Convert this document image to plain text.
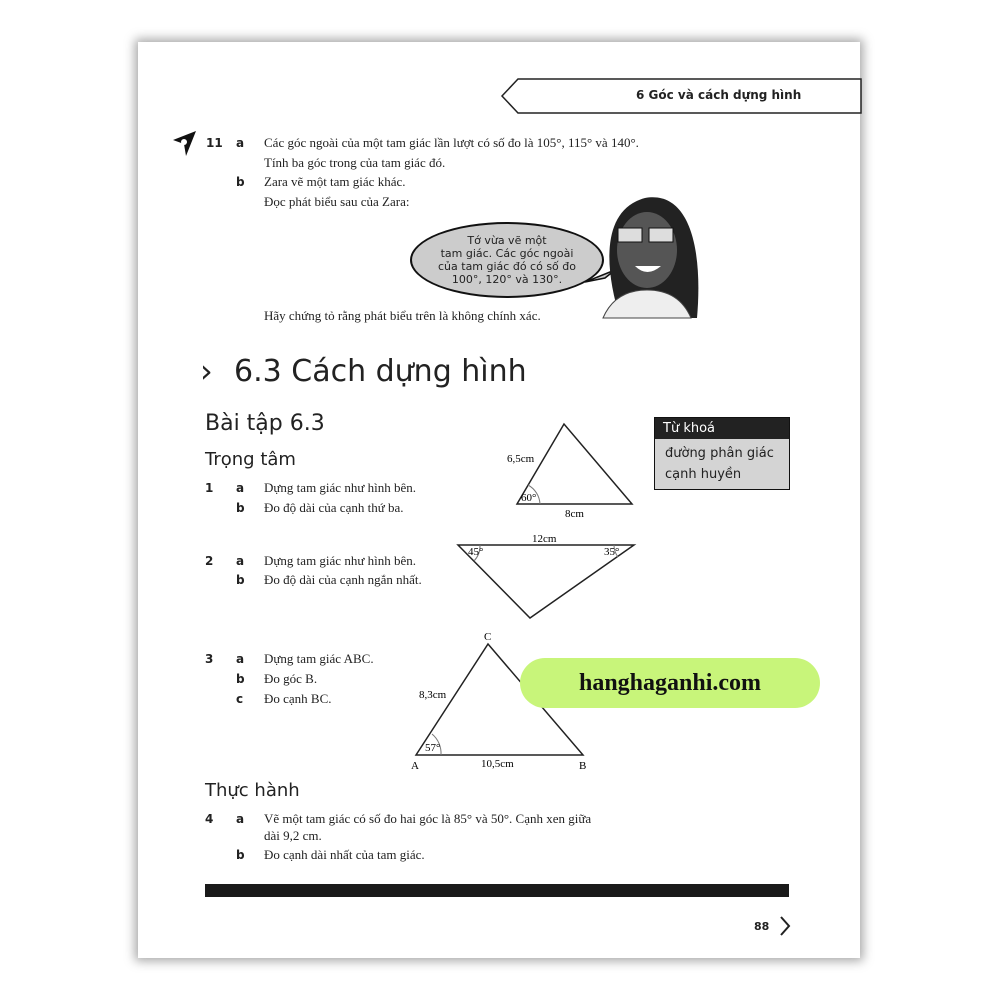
6 Góc và cách dựng hình
11 a Các góc ngoài của một tam giác lần lượt có số đo là 105°, 115° và 140°.
Tính ba góc trong của tam giác đó.
b Zara vẽ một tam giác khác.
Đọc phát biểu sau của Zara:
Tớ vừa vẽ một
tam giác. Các góc ngoài
của tam giác đó có số đo
100°, 120° và 130°.
Hãy chứng tỏ rằng phát biểu trên là không chính xác.
› 6.3 Cách dựng hình
Bài tập 6.3
Trọng tâm
Từ khoá
đường phân giác
cạnh huyền
1 a Dựng tam giác như hình bên.
b Đo độ dài của cạnh thứ ba.
6,5cm
60°
8cm
2 a Dựng tam giác như hình bên.
b Đo độ dài của cạnh ngắn nhất.
12cm
45°	35°
3 a Dựng tam giác ABC.
b Đo góc B.
c Đo cạnh BC.
C
A	B
8,3cm
57°
10,5cm
hanghaganhi.com
Thực hành
4 a Vẽ một tam giác có số đo hai góc là 85° và 50°. Cạnh xen giữa
dài 9,2 cm.
b Đo cạnh dài nhất của tam giác.
88
